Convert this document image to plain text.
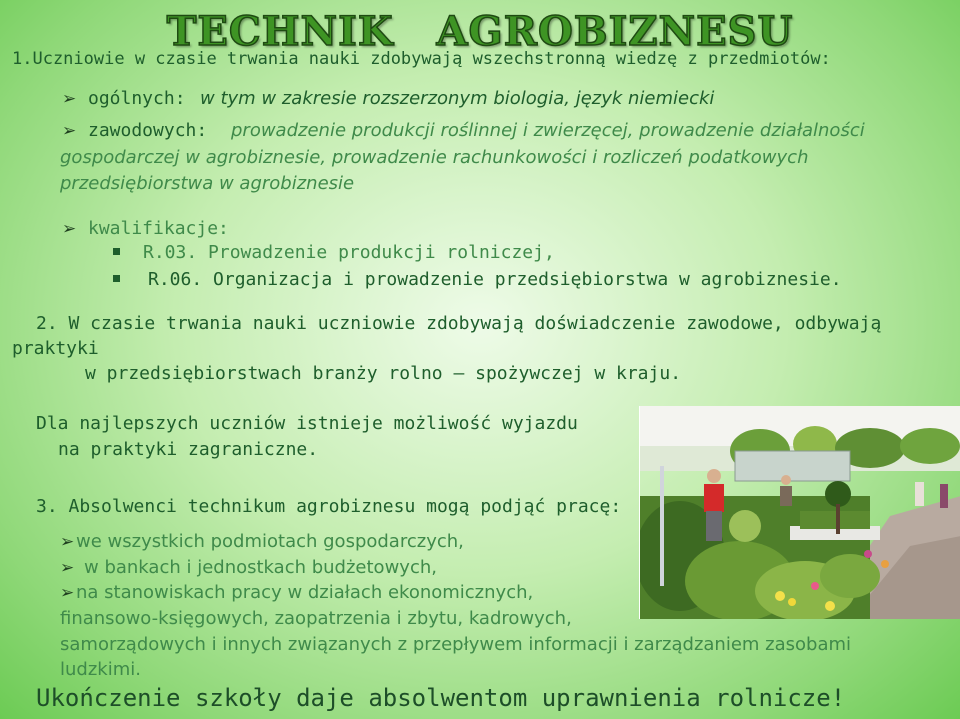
TECHNIK AGROBIZNESU
1.Uczniowie w czasie trwania nauki zdobywają wszechstronną wiedzę z przedmiotów:
➢ ogólnych: w tym w zakresie rozszerzonym biologia, język niemiecki
➢ zawodowych: prowadzenie produkcji roślinnej i zwierzęcej, prowadzenie działalności
gospodarczej w agrobiznesie, prowadzenie rachunkowości i rozliczeń podatkowych
przedsiębiorstwa w agrobiznesie
➢ kwalifikacje:
R.03. Prowadzenie produkcji rolniczej,
R.06. Organizacja i prowadzenie przedsiębiorstwa w agrobiznesie.
2. W czasie trwania nauki uczniowie zdobywają doświadczenie zawodowe, odbywają
praktyki
w przedsiębiorstwach branży rolno – spożywczej w kraju.
Dla najlepszych uczniów istnieje możliwość wyjazdu
na praktyki zagraniczne.
3. Absolwenci technikum agrobiznesu mogą podjąć pracę:
➢ we wszystkich podmiotach gospodarczych,
➢ w bankach i jednostkach budżetowych,
➢ na stanowiskach pracy w działach ekonomicznych,
finansowo-księgowych, zaopatrzenia i zbytu, kadrowych,
samorządowych i innych związanych z przepływem informacji i zarządzaniem zasobami
ludzkimi.
Ukończenie szkoły daje absolwentom uprawnienia rolnicze!
